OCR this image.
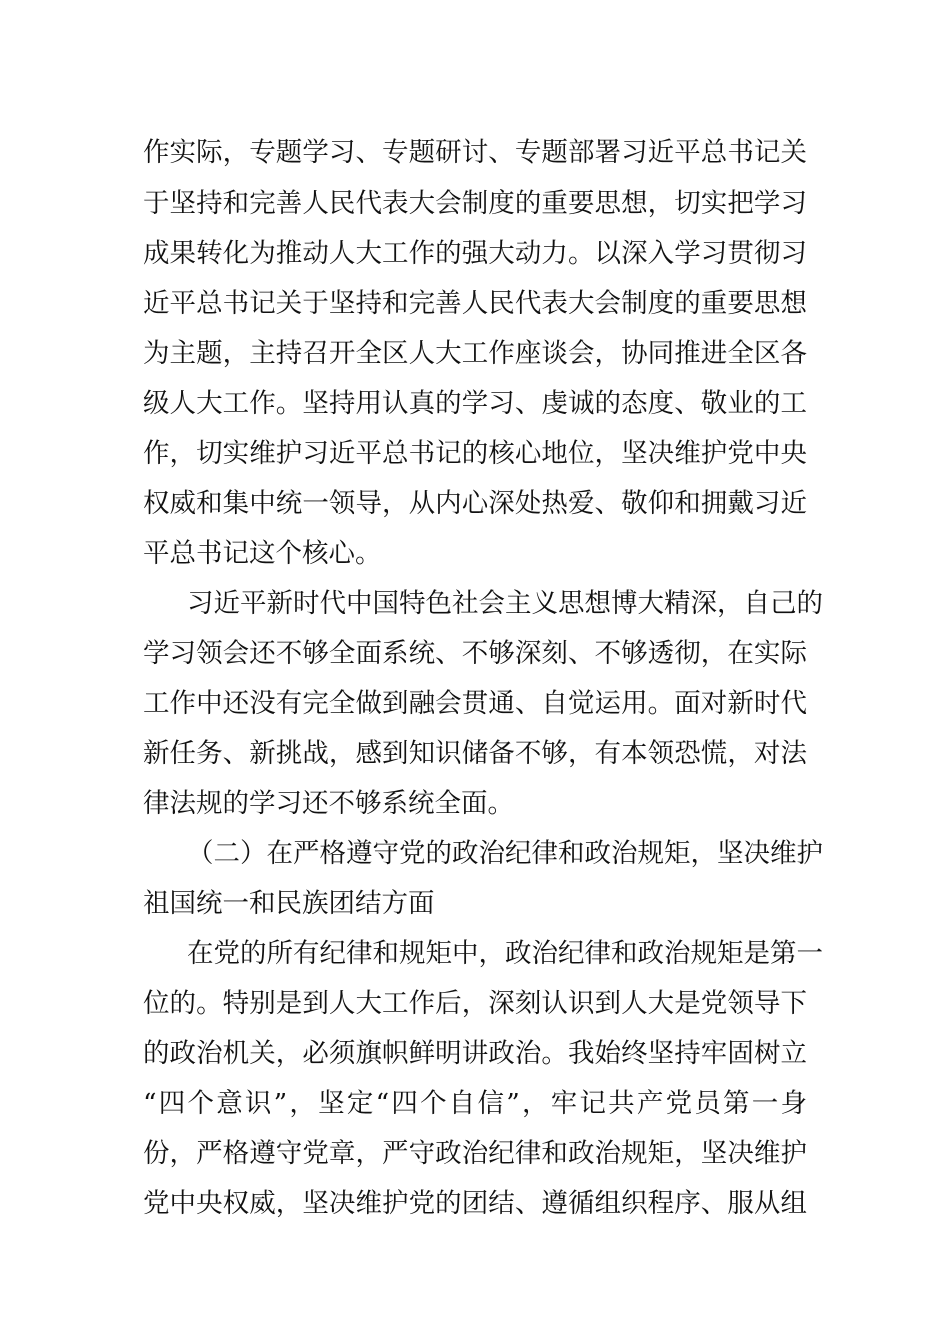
作实际，专题学习、专题研讨、专题部署习近平总书记关
于坚持和完善人民代表大会制度的重要思想，切实把学习
成果转化为推动人大工作的强大动力。以深入学习贯彻习
近平总书记关于坚持和完善人民代表大会制度的重要思想
为主题，主持召开全区人大工作座谈会，协同推进全区各
级人大工作。坚持用认真的学习、虔诚的态度、敬业的工
作，切实维护习近平总书记的核心地位，坚决维护党中央
权威和集中统一领导，从内心深处热爱、敬仰和拥戴习近
平总书记这个核心。
习近平新时代中国特色社会主义思想博大精深，自己的
学习领会还不够全面系统、不够深刻、不够透彻，在实际
工作中还没有完全做到融会贯通、自觉运用。面对新时代
新任务、新挑战，感到知识储备不够，有本领恐慌，对法
律法规的学习还不够系统全面。
（二）在严格遵守党的政治纪律和政治规矩，坚决维护
祖国统一和民族团结方面
在党的所有纪律和规矩中，政治纪律和政治规矩是第一
位的。特别是到人大工作后，深刻认识到人大是党领导下
的政治机关，必须旗帜鲜明讲政治。我始终坚持牢固树立
“四个意识”，坚定“四个自信”，牢记共产党员第一身
份，严格遵守党章，严守政治纪律和政治规矩，坚决维护
党中央权威，坚决维护党的团结、遵循组织程序、服从组
